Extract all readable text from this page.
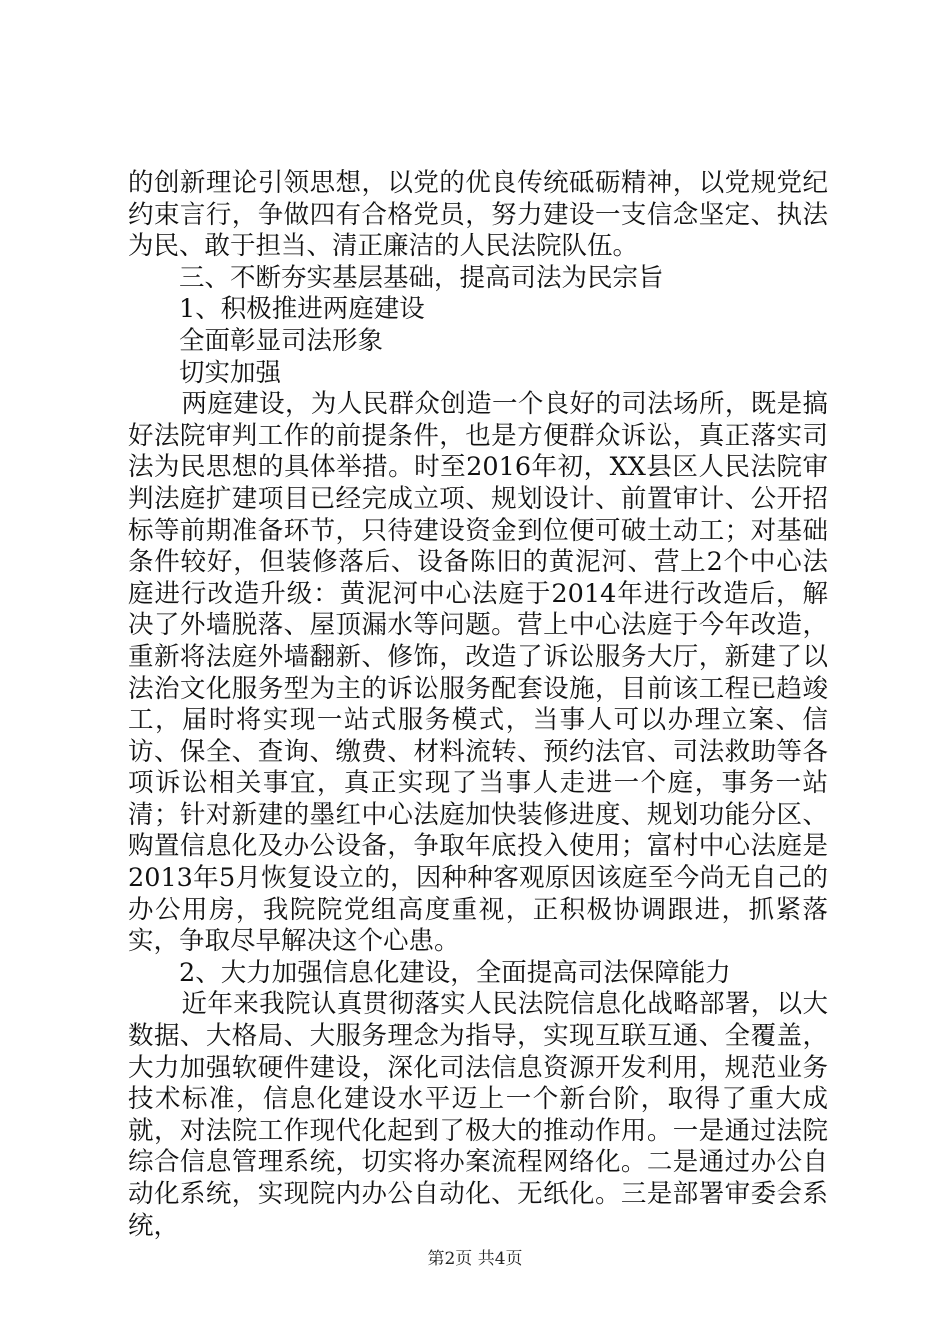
的创新理论引领思想，以党的优良传统砥砺精神，以党规党纪约束言行，争做四有合格党员，努力建设一支信念坚定、执法为民、敢于担当、清正廉洁的人民法院队伍。

三、不断夯实基层基础，提高司法为民宗旨

1、积极推进两庭建设

全面彰显司法形象

切实加强

两庭建设，为人民群众创造一个良好的司法场所，既是搞好法院审判工作的前提条件，也是方便群众诉讼，真正落实司法为民思想的具体举措。时至2016年初，XX县区人民法院审判法庭扩建项目已经完成立项、规划设计、前置审计、公开招标等前期准备环节，只待建设资金到位便可破土动工；对基础条件较好，但装修落后、设备陈旧的黄泥河、营上2个中心法庭进行改造升级：黄泥河中心法庭于2014年进行改造后，解决了外墙脱落、屋顶漏水等问题。营上中心法庭于今年改造，重新将法庭外墙翻新、修饰，改造了诉讼服务大厅，新建了以法治文化服务型为主的诉讼服务配套设施，目前该工程已趋竣工，届时将实现一站式服务模式，当事人可以办理立案、信访、保全、查询、缴费、材料流转、预约法官、司法救助等各项诉讼相关事宜，真正实现了当事人走进一个庭，事务一站清；针对新建的墨红中心法庭加快装修进度、规划功能分区、购置信息化及办公设备，争取年底投入使用；富村中心法庭是2013年5月恢复设立的，因种种客观原因该庭至今尚无自己的办公用房，我院院党组高度重视，正积极协调跟进，抓紧落实，争取尽早解决这个心患。

2、大力加强信息化建设，全面提高司法保障能力

近年来我院认真贯彻落实人民法院信息化战略部署，以大数据、大格局、大服务理念为指导，实现互联互通、全覆盖，大力加强软硬件建设，深化司法信息资源开发利用，规范业务技术标准，信息化建设水平迈上一个新台阶，取得了重大成就，对法院工作现代化起到了极大的推动作用。一是通过法院综合信息管理系统，切实将办案流程网络化。二是通过办公自动化系统，实现院内办公自动化、无纸化。三是部署审委会系统，

第2页 共4页
